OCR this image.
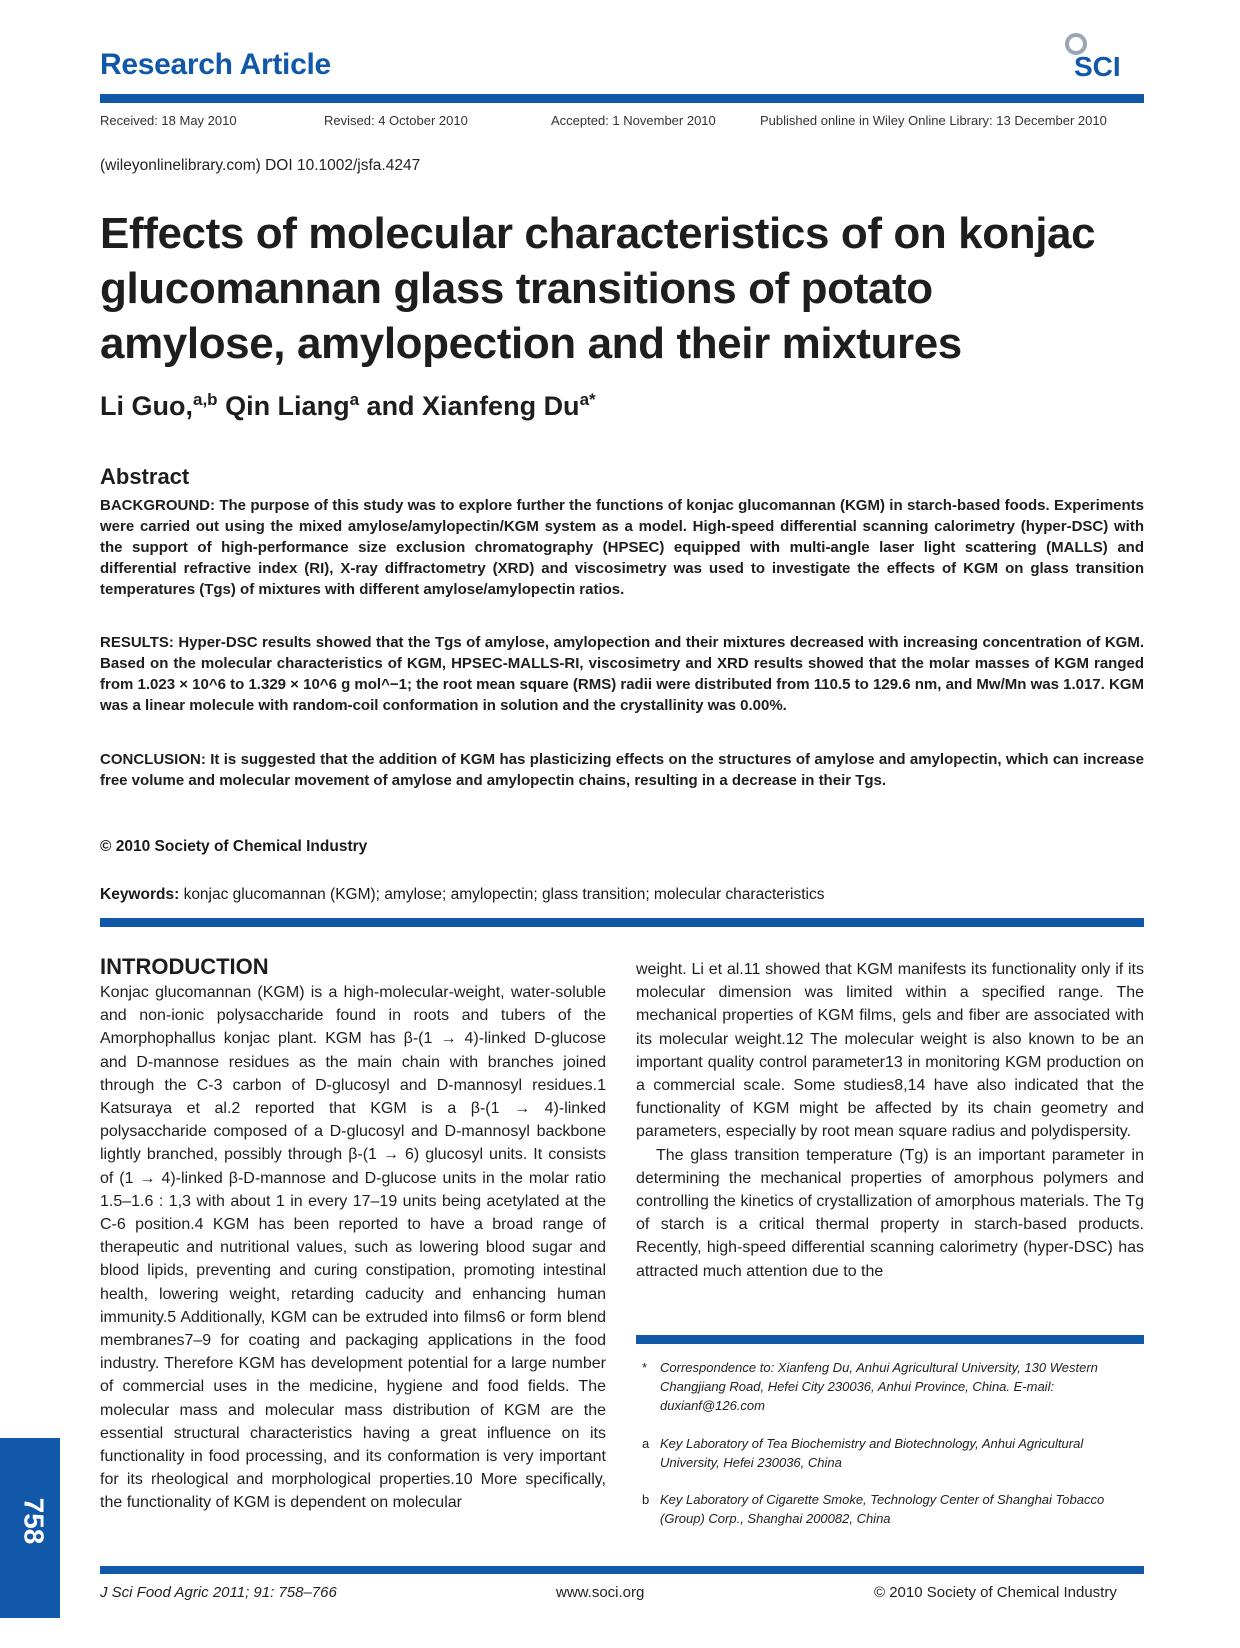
Research Article	SCI
Received: 18 May 2010	Revised: 4 October 2010	Accepted: 1 November 2010	Published online in Wiley Online Library: 13 December 2010
(wileyonlinelibrary.com) DOI 10.1002/jsfa.4247
Effects of molecular characteristics of on konjac
glucomannan glass transitions of potato
amylose, amylopection and their mixtures
Li Guo,$^{a,b}$ Qin Liang$^a$ and Xianfeng $Du^{a*}$
Abstract
BACKGROUND: The purpose of this study was to explore further the functions of konjac glucomannan (KGM) in starch-based foods. Experiments were carried out using the mixed amylose/amylopectin/KGM system as a model. High-speed differential scanning calorimetry (hyper-DSC) with the support of high-performance size exclusion chromatography (HPSEC) equipped with multi-angle laser light scattering (MALLS) and differential refractive index (RI), X-ray diffractometry (XRD) and viscosimetry was used to investigate the effects of KGM on glass transition temperatures (Tgs) of mixtures with different amylose/amylopectin ratios.
RESULTS: Hyper-DSC results showed that the Tgs of amylose, amylopection and their mixtures decreased with increasing concentration of KGM. Based on the molecular characteristics of KGM, HPSEC-MALLS-RI, viscosimetry and XRD results showed that the molar masses of KGM ranged from 1.023 × 10^6 to 1.329 × 10^6 g mol^−1; the root mean square (RMS) radii were distributed from 110.5 to 129.6 nm, and Mw/Mn was 1.017. KGM was a linear molecule with random-coil conformation in solution and the crystallinity was 0.00%.
CONCLUSION: It is suggested that the addition of KGM has plasticizing effects on the structures of amylose and amylopectin, which can increase free volume and molecular movement of amylose and amylopectin chains, resulting in a decrease in their Tgs.
© 2010 Society of Chemical Industry
Keywords: konjac glucomannan (KGM); amylose; amylopectin; glass transition; molecular characteristics
INTRODUCTION
Konjac glucomannan (KGM) is a high-molecular-weight, water-soluble and non-ionic polysaccharide found in roots and tubers of the Amorphophallus konjac plant. KGM has β-(1 → 4)-linked D-glucose and D-mannose residues as the main chain with branches joined through the C-3 carbon of D-glucosyl and D-mannosyl residues.1 Katsuraya et al.2 reported that KGM is a β-(1 → 4)-linked polysaccharide composed of a D-glucosyl and D-mannosyl backbone lightly branched, possibly through β-(1 → 6) glucosyl units. It consists of (1 → 4)-linked β-D-mannose and D-glucose units in the molar ratio 1.5–1.6 : 1,3 with about 1 in every 17–19 units being acetylated at the C-6 position.4 KGM has been reported to have a broad range of therapeutic and nutritional values, such as lowering blood sugar and blood lipids, preventing and curing constipation, promoting intestinal health, lowering weight, retarding caducity and enhancing human immunity.5 Additionally, KGM can be extruded into films6 or form blend membranes7–9 for coating and packaging applications in the food industry. Therefore KGM has development potential for a large number of commercial uses in the medicine, hygiene and food fields. The molecular mass and molecular mass distribution of KGM are the essential structural characteristics having a great influence on its functionality in food processing, and its conformation is very important for its rheological and morphological properties.10 More specifically, the functionality of KGM is dependent on molecular
weight. Li et al.11 showed that KGM manifests its functionality only if its molecular dimension was limited within a specified range. The mechanical properties of KGM films, gels and fiber are associated with its molecular weight.12 The molecular weight is also known to be an important quality control parameter13 in monitoring KGM production on a commercial scale. Some studies8,14 have also indicated that the functionality of KGM might be affected by its chain geometry and parameters, especially by root mean square radius and polydispersity.
The glass transition temperature (Tg) is an important parameter in determining the mechanical properties of amorphous polymers and controlling the kinetics of crystallization of amorphous materials. The Tg of starch is a critical thermal property in starch-based products. Recently, high-speed differential scanning calorimetry (hyper-DSC) has attracted much attention due to the
* Correspondence to: Xianfeng Du, Anhui Agricultural University, 130 Western Changjiang Road, Hefei City 230036, Anhui Province, China. E-mail: duxianf@126.com
a Key Laboratory of Tea Biochemistry and Biotechnology, Anhui Agricultural University, Hefei 230036, China
b Key Laboratory of Cigarette Smoke, Technology Center of Shanghai Tobacco (Group) Corp., Shanghai 200082, China
758
J Sci Food Agric 2011; 91: 758–766	www.soci.org	© 2010 Society of Chemical Industry
